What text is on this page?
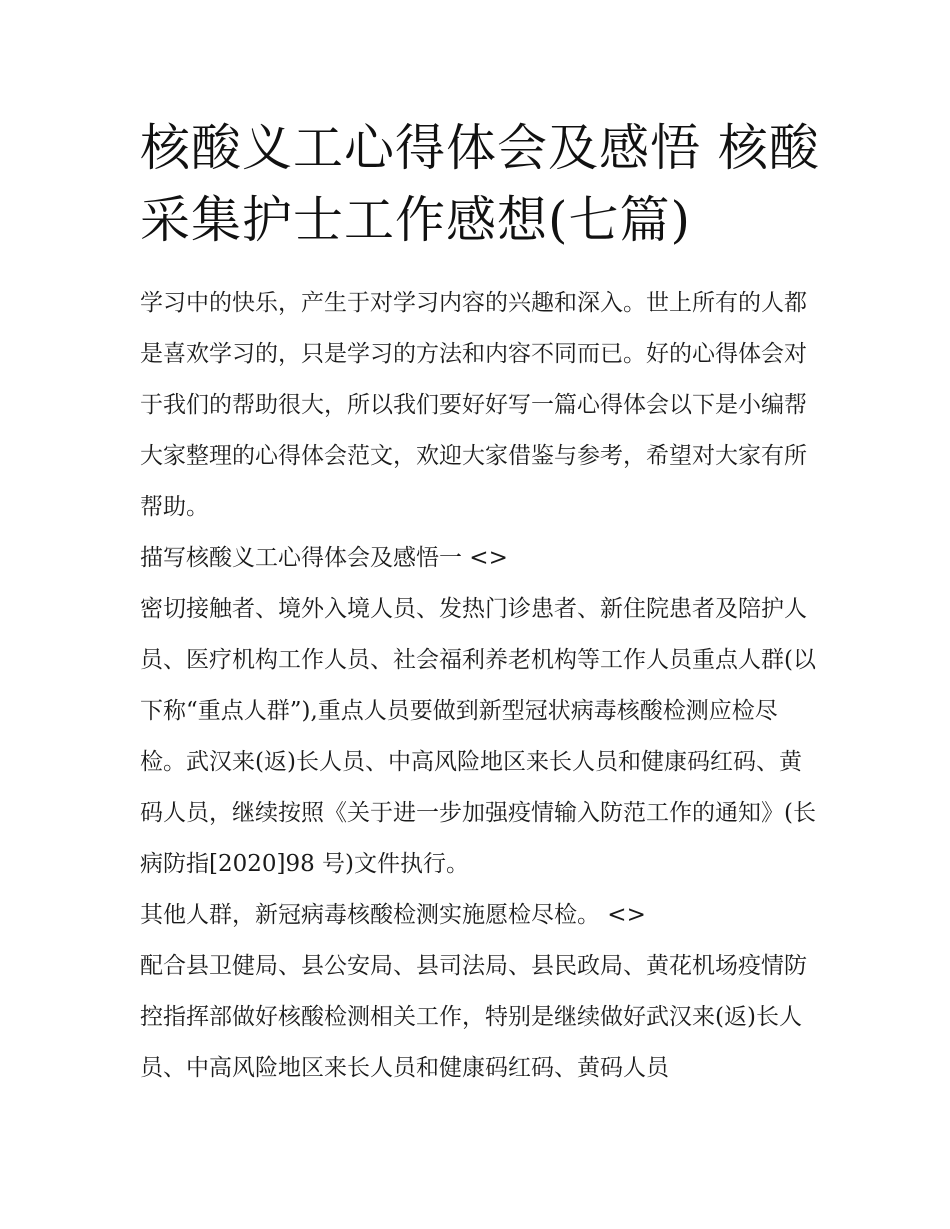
核酸义工心得体会及感悟 核酸
采集护士工作感想(七篇)

学习中的快乐，产生于对学习内容的兴趣和深入。世上所有的人都是喜欢学习的，只是学习的方法和内容不同而已。好的心得体会对于我们的帮助很大，所以我们要好好写一篇心得体会以下是小编帮大家整理的心得体会范文，欢迎大家借鉴与参考，希望对大家有所帮助。

描写核酸义工心得体会及感悟一 <>

密切接触者、境外入境人员、发热门诊患者、新住院患者及陪护人员、医疗机构工作人员、社会福利养老机构等工作人员重点人群(以下称“重点人群”),重点人员要做到新型冠状病毒核酸检测应检尽检。武汉来(返)长人员、中高风险地区来长人员和健康码红码、黄码人员，继续按照《关于进一步加强疫情输入防范工作的通知》(长病防指[2020]98 号)文件执行。

其他人群，新冠病毒核酸检测实施愿检尽检。 <>

配合县卫健局、县公安局、县司法局、县民政局、黄花机场疫情防控指挥部做好核酸检测相关工作，特别是继续做好武汉来(返)长人员、中高风险地区来长人员和健康码红码、黄码人员
